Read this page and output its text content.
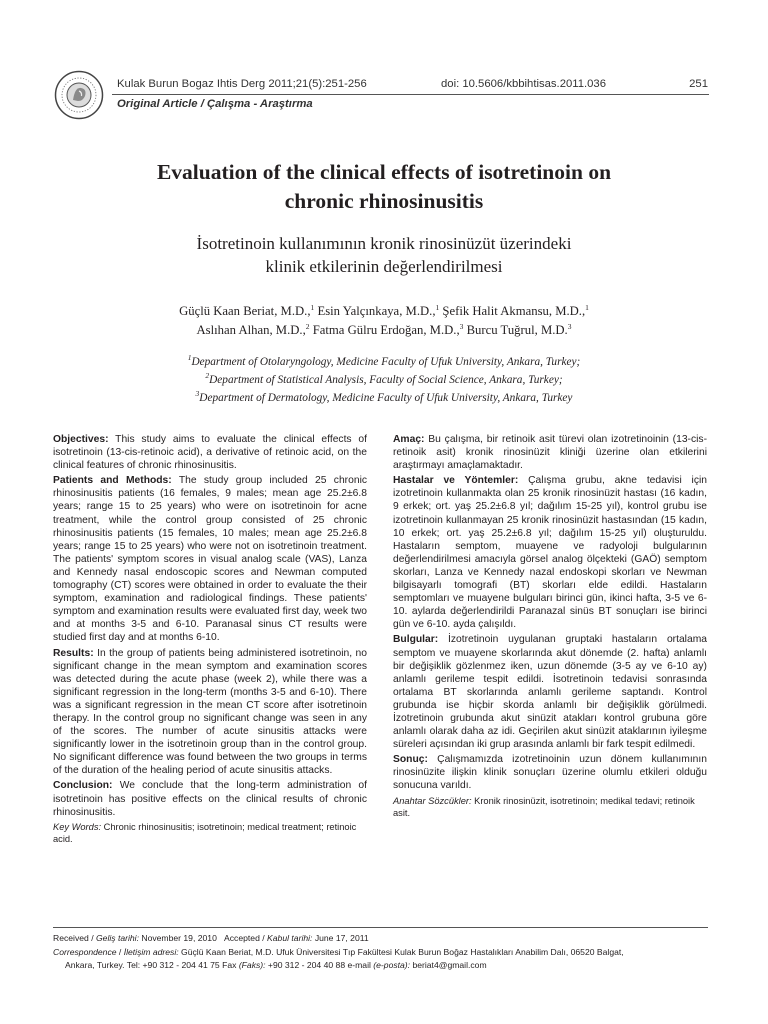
Kulak Burun Bogaz Ihtis Derg 2011;21(5):251-256	doi: 10.5606/kbbihtisas.2011.036	251
Original Article / Çalışma - Araştırma
Evaluation of the clinical effects of isotretinoin on
chronic rhinosinusitis
İsotretinoin kullanımının kronik rinosinüzüt üzerindeki
klinik etkilerinin değerlendirilmesi
Güçlü Kaan Beriat, M.D.,$^1$ Esin Yalçınkaya, M.D.,$^1$ Şefik Halit Akmansu, M.D.,$^1$
Aslıhan Alhan, M.D.,$^2$ Fatma Gülru Erdoğan, M.D.,$^3$ Burcu Tuğrul, M.D.$^3$
$^1$Department of Otolaryngology, Medicine Faculty of Ufuk University, Ankara, Turkey;
$^2$Department of Statistical Analysis, Faculty of Social Science, Ankara, Turkey;
$^3$Department of Dermatology, Medicine Faculty of Ufuk University, Ankara, Turkey

Objectives: This study aims to evaluate the clinical effects of isotretinoin (13-cis-retinoic acid), a derivative of retinoic acid, on the clinical features of chronic rhinosinusitis.

Patients and Methods: The study group included 25 chronic rhinosinusitis patients (16 females, 9 males; mean age 25.2±6.8 years; range 15 to 25 years) who were on isotretinoin for acne treatment, while the control group consisted of 25 chronic rhinosinusitis patients (15 females, 10 males; mean age 25.2±6.8 years; range 15 to 25 years) who were not on isotretinoin treatment. The patients' symptom scores in visual analog scale (VAS), Lanza and Kennedy nasal endoscopic scores and Newman computed tomography (CT) scores were obtained in order to evaluate the their symptom, examination and radiological findings. These patients' symptom and examination results were evaluated first day, week two and at months 3-5 and 6-10. Paranasal sinus CT results were studied first day and at months 6-10.

Results: In the group of patients being administered isotretinoin, no significant change in the mean symptom and examination scores was detected during the acute phase (week 2), while there was a significant regression in the long-term (months 3-5 and 6-10). There was a significant regression in the mean CT score after isotretinoin therapy. In the control group no significant change was seen in any of the scores. The number of acute sinusitis attacks were significantly lower in the isotretinoin group than in the control group. No significant difference was found between the two groups in terms of the duration of the healing period of acute sinusitis attacks.

Conclusion: We conclude that the long-term administration of isotretinoin has positive effects on the clinical results of chronic rhinosinusitis.

Key Words: Chronic rhinosinusitis; isotretinoin; medical treatment; retinoic acid.

Amaç: Bu çalışma, bir retinoik asit türevi olan izotretinoinin (13-cis-retinoik asit) kronik rinosinüzit kliniği üzerine olan etkilerini araştırmayı amaçlamaktadır.

Hastalar ve Yöntemler: Çalışma grubu, akne tedavisi için izotretinoin kullanmakta olan 25 kronik rinosinüzit hastası (16 kadın, 9 erkek; ort. yaş 25.2±6.8 yıl; dağılım 15-25 yıl), kontrol grubu ise izotretinoin kullanmayan 25 kronik rinosinüzit hastasından (15 kadın, 10 erkek; ort. yaş 25.2±6.8 yıl; dağılım 15-25 yıl) oluşturuldu. Hastaların semptom, muayene ve radyoloji bulgularının değerlendirilmesi amacıyla görsel analog ölçekteki (GAÖ) semptom skorları, Lanza ve Kennedy nazal endoskopi skorları ve Newman bilgisayarlı tomografi (BT) skorları elde edildi. Hastaların semptomları ve muayene bulguları birinci gün, ikinci hafta, 3-5 ve 6-10. aylarda değerlendirildi Paranazal sinüs BT sonuçları ise birinci gün ve 6-10. ayda çalışıldı.

Bulgular: İzotretinoin uygulanan gruptaki hastaların ortalama semptom ve muayene skorlarında akut dönemde (2. hafta) anlamlı bir değişiklik gözlenmez iken, uzun dönemde (3-5 ay ve 6-10 ay) anlamlı gerileme tespit edildi. İsotretinoin tedavisi sonrasında ortalama BT skorlarında anlamlı gerileme saptandı. Kontrol grubunda ise hiçbir skorda anlamlı bir değişiklik görülmedi. İzotretinoin grubunda akut sinüzit atakları kontrol grubuna göre anlamlı olarak daha az idi. Geçirilen akut sinüzit ataklarının iyileşme süreleri açısından iki grup arasında anlamlı bir fark tespit edilmedi.

Sonuç: Çalışmamızda izotretinoinin uzun dönem kullanımının rinosinüzite ilişkin klinik sonuçları üzerine olumlu etkileri olduğu sonucuna varıldı.

Anahtar Sözcükler: Kronik rinosinüzit, isotretinoin; medikal tedavi; retinoik asit.

Received / Geliş tarihi: November 19, 2010 Accepted / Kabul tarihi: June 17, 2011
Correspondence / İletişim adresi: Güçlü Kaan Beriat, M.D. Ufuk Üniversitesi Tıp Fakültesi Kulak Burun Boğaz Hastalıkları Anabilim Dalı, 06520 Balgat,
Ankara, Turkey. Tel: +90 312 - 204 41 75 Fax (Faks): +90 312 - 204 40 88 e-mail (e-posta): beriat4@gmail.com
